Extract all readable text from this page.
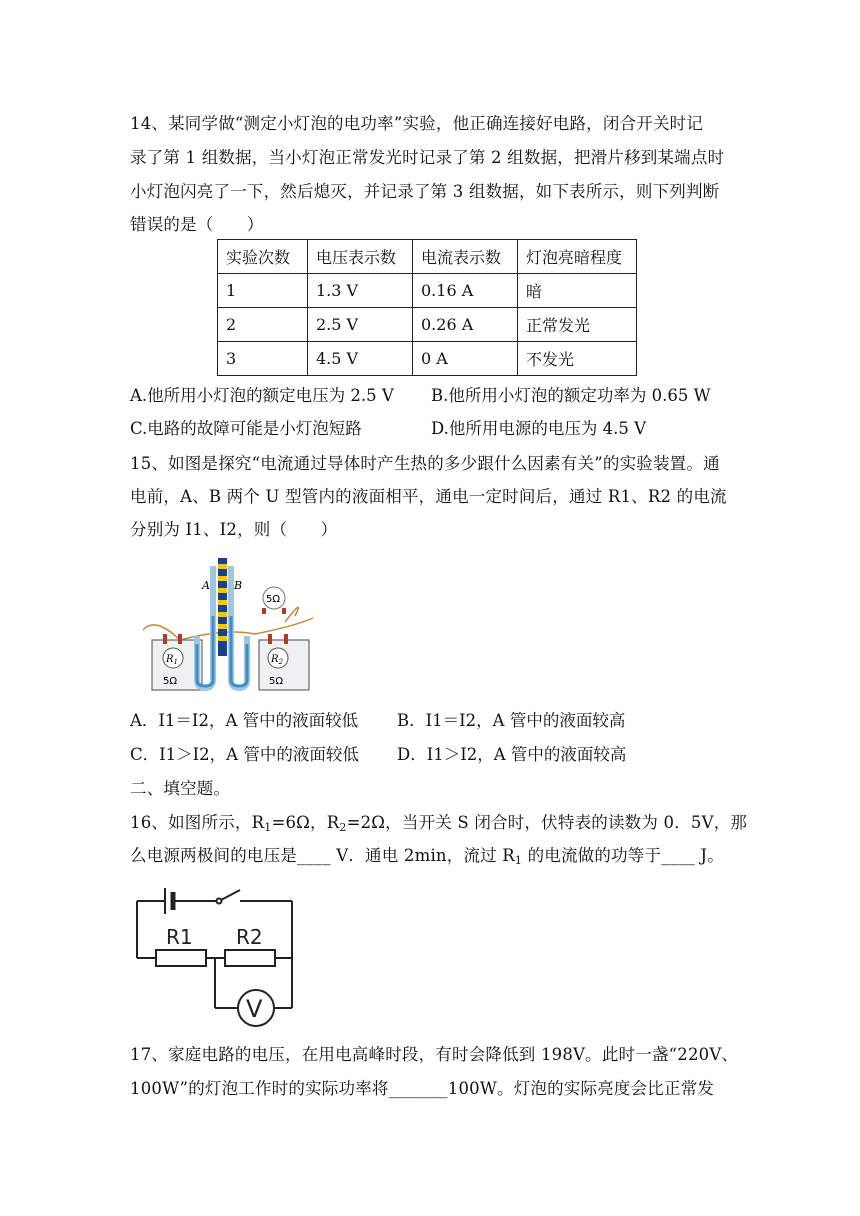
14、某同学做“测定小灯泡的电功率”实验，他正确连接好电路，闭合开关时记
录了第 1 组数据，当小灯泡正常发光时记录了第 2 组数据，把滑片移到某端点时
小灯泡闪亮了一下，然后熄灭，并记录了第 3 组数据，如下表所示，则下列判断
错误的是（　　）
实验次数	电压表示数	电流表示数	灯泡亮暗程度
1	1.3 V	0.16 A	暗
2	2.5 V	0.26 A	正常发光
3	4.5 V	0 A	不发光
A.他所用小灯泡的额定电压为 2.5 V B.他所用小灯泡的额定功率为 0.65 W
C.电路的故障可能是小灯泡短路	D.他所用电源的电压为 4.5 V
15、如图是探究“电流通过导体时产生热的多少跟什么因素有关”的实验装置。通
电前，A、B 两个 U 型管内的液面相平，通电一定时间后，通过 R1、R2 的电流
分别为 I1、I2，则（　　）
$R_1$	$R_2$
5Ω	5Ω
5Ω
A B
A．I1＝I2，A 管中的液面较低 B．I1＝I2，A 管中的液面较高
C．I1＞I2，A 管中的液面较低 D．I1＞I2，A 管中的液面较高
二、填空题。
16、如图所示，$R_1=6\Omega$，$R_2=2\Omega$，当开关 S 闭合时，伏特表的读数为 0．5V，那
么电源两极间的电压是____ V．通电 2min，流过 $R_1$ 的电流做的功等于____ J。
R1 R2
V
17、家庭电路的电压，在用电高峰时段，有时会降低到 198V。此时一盏“220V、
100W”的灯泡工作时的实际功率将_______100W。灯泡的实际亮度会比正常发
